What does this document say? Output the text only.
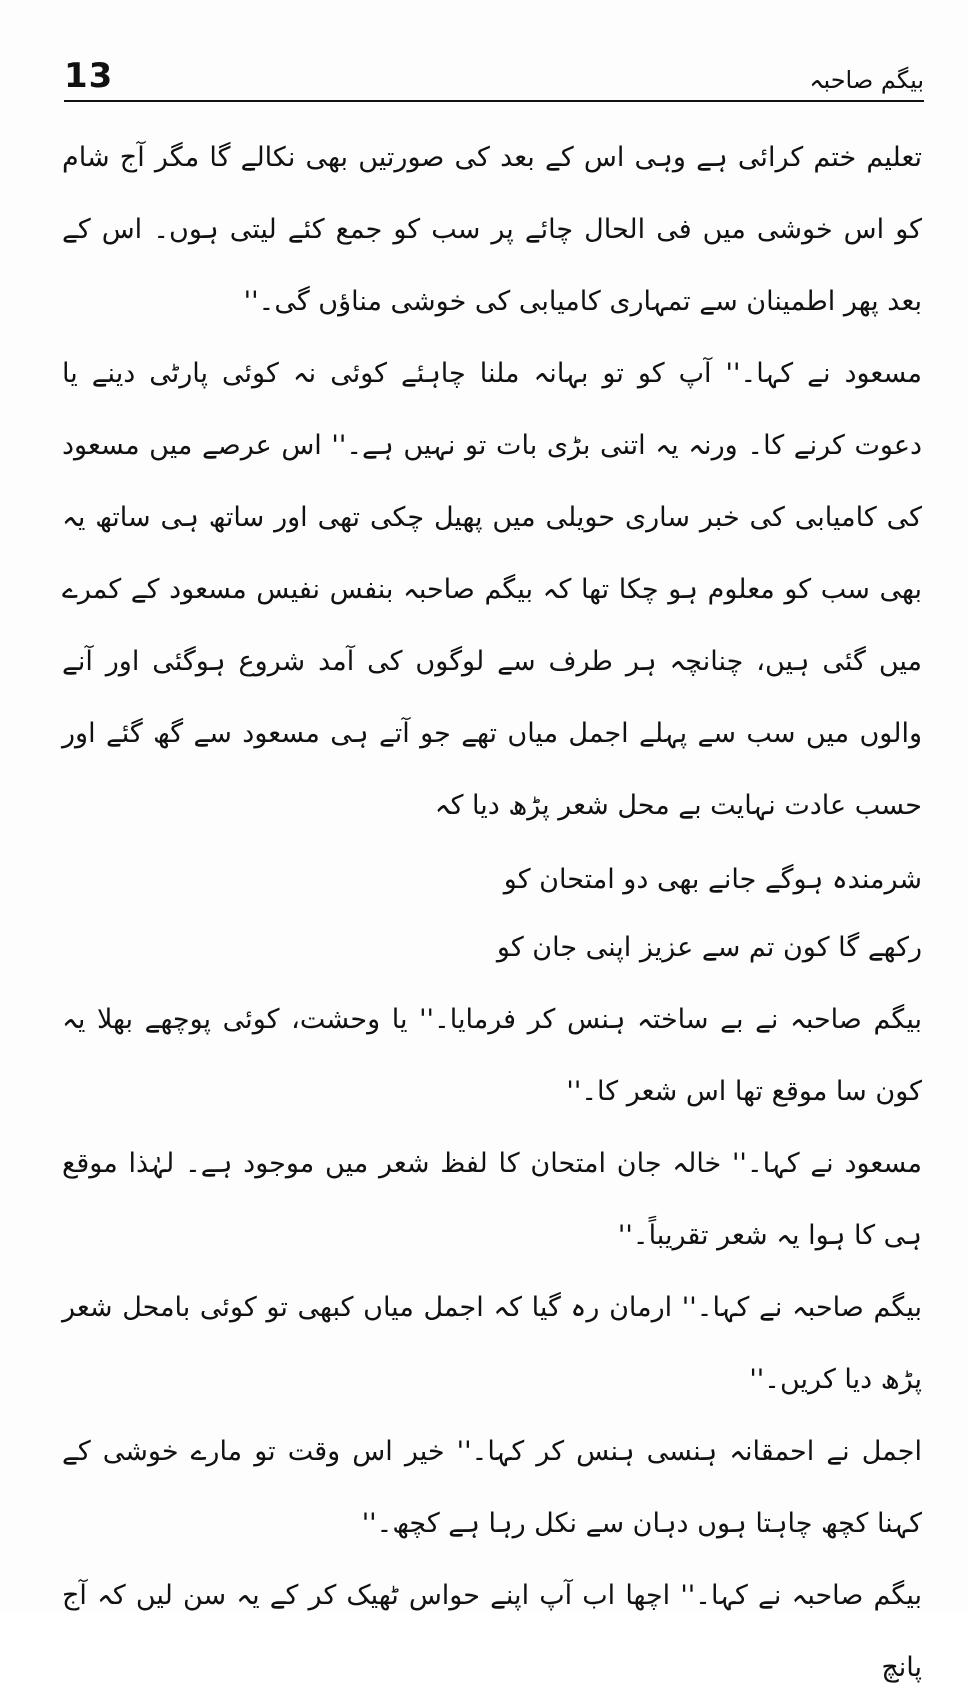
13	بیگم صاحبہ

تعلیم ختم کرائی ہے وہی اس کے بعد کی صورتیں بھی نکالے گا مگر آج شام کو اس خوشی میں فی الحال چائے پر سب کو جمع کئے لیتی ہوں۔ اس کے بعد پھر اطمینان سے تمہاری کامیابی کی خوشی مناؤں گی۔''

مسعود نے کہا۔'' آپ کو تو بہانہ ملنا چاہئے کوئی نہ کوئی پارٹی دینے یا دعوت کرنے کا۔ ورنہ یہ اتنی بڑی بات تو نہیں ہے۔'' اس عرصے میں مسعود کی کامیابی کی خبر ساری حویلی میں پھیل چکی تھی اور ساتھ ہی ساتھ یہ بھی سب کو معلوم ہو چکا تھا کہ بیگم صاحبہ بنفس نفیس مسعود کے کمرے میں گئی ہیں، چنانچہ ہر طرف سے لوگوں کی آمد شروع ہوگئی اور آنے والوں میں سب سے پہلے اجمل میاں تھے جو آتے ہی مسعود سے گھ گئے اور حسب عادت نہایت بے محل شعر پڑھ دیا کہ

شرمندہ ہوگے جانے بھی دو امتحان کو

رکھے گا کون تم سے عزیز اپنی جان کو

بیگم صاحبہ نے بے ساختہ ہنس کر فرمایا۔'' یا وحشت، کوئی پوچھے بھلا یہ کون سا موقع تھا اس شعر کا۔''

مسعود نے کہا۔'' خالہ جان امتحان کا لفظ شعر میں موجود ہے۔ لہٰذا موقع ہی کا ہوا یہ شعر تقریباً۔''

بیگم صاحبہ نے کہا۔'' ارمان رہ گیا کہ اجمل میاں کبھی تو کوئی بامحل شعر پڑھ دیا کریں۔''

اجمل نے احمقانہ ہنسی ہنس کر کہا۔'' خیر اس وقت تو مارے خوشی کے کہنا کچھ چاہتا ہوں دہان سے نکل رہا ہے کچھ۔''

بیگم صاحبہ نے کہا۔'' اچھا اب آپ اپنے حواس ٹھیک کر کے یہ سن لیں کہ آج پانچ
